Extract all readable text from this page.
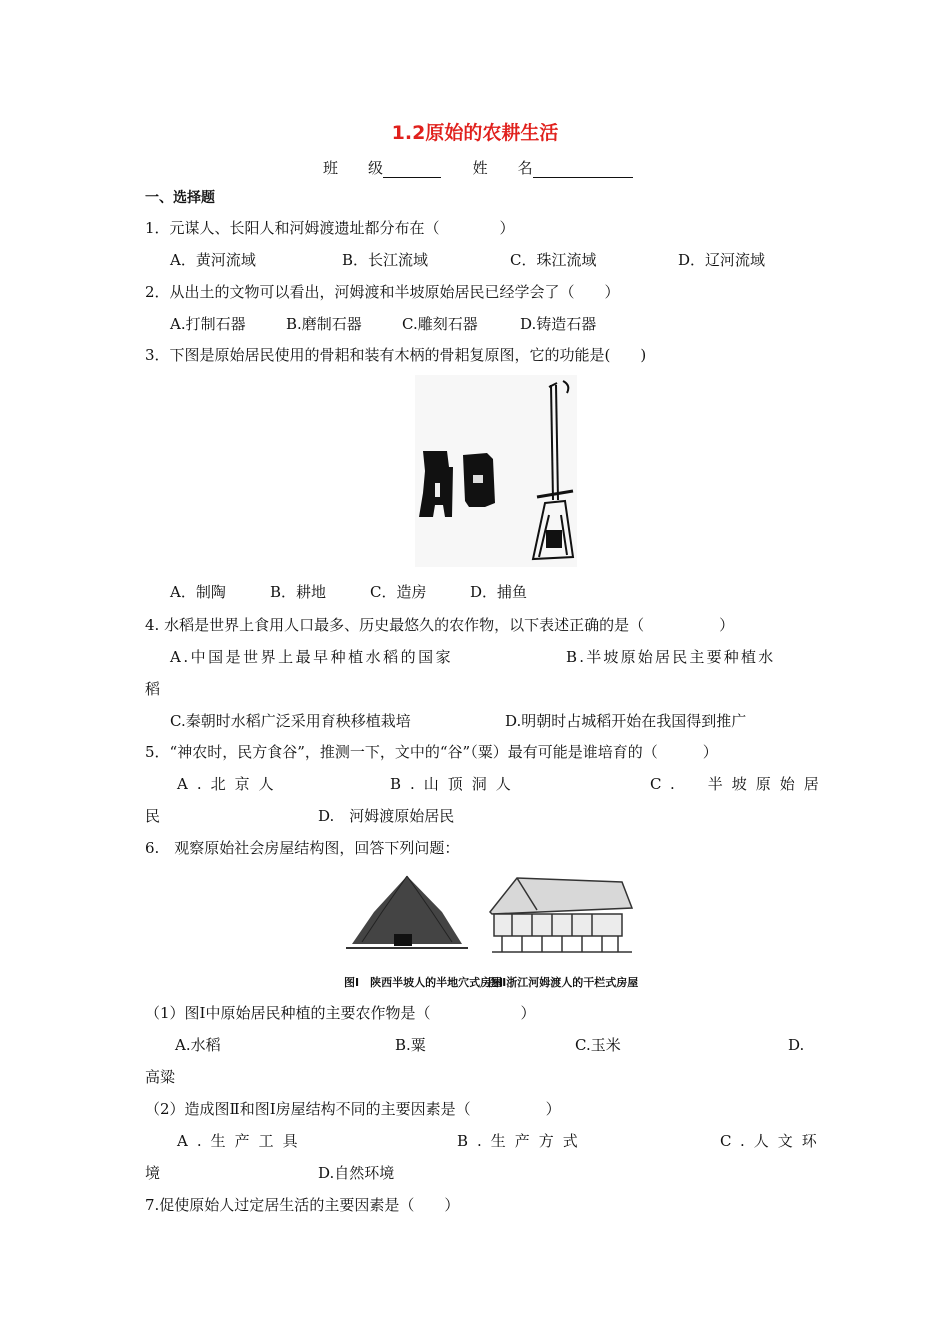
1.2原始的农耕生活
班　　级	姓　　名
一、选择题
1．元谋人、长阳人和河姆渡遗址都分布在（　　　　）
A．黄河流域	B．长江流域	C．珠江流域	D．辽河流域
2．从出土的文物可以看出，河姆渡和半坡原始居民已经学会了（　　）
A.打制石器	B.磨制石器	C.雕刻石器	D.铸造石器
3．下图是原始居民使用的骨耜和装有木柄的骨耜复原图，它的功能是(　　)
A．制陶	B．耕地	C．造房	D．捕鱼
4. 水稻是世界上食用人口最多、历史最悠久的农作物，以下表述正确的是（　　　　　）
A.中国是世界上最早种植水稻的国家	B.半坡原始居民主要种植水
稻
C.秦朝时水稻广泛采用育秧移植栽培	D.明朝时占城稻开始在我国得到推广
5．“神农时，民方食谷”，推测一下，文中的“谷”（粟）最有可能是谁培育的（　　　）
A.北京人	B.山顶洞人	C.　半坡原始居
民	D.　河姆渡原始居民
6.　观察原始社会房屋结构图，回答下列问题：
图Ⅰ　陕西半坡人的半地穴式房屋
图Ⅱ浙江河姆渡人的干栏式房屋
（1）图Ⅰ中原始居民种植的主要农作物是（　　　　　　）
A.水稻	B.粟	C.玉米	D.
高粱
（2）造成图Ⅱ和图Ⅰ房屋结构不同的主要因素是（　　　　　）
A.生产工具	B.生产方式	C.人文环
境	D.自然环境
7.促使原始人过定居生活的主要因素是（　　）
